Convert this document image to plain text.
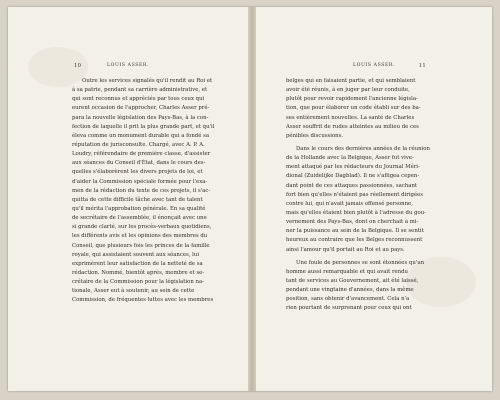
10	LOUIS ASSER.
Outre les services signalés qu'il rendit au Roi et
à sa patrie, pendant sa carrière administrative, et
qui sont reconnus et appréciés par tous ceux qui
eurent occasion de l'approcher, Charles Asser pré-
para la nouvelle législation des Pays-Bas, à la con-
fection de laquelle il prit la plus grande part, et qu'il
éleva comme un monument durable qui a fondé sa
réputation de jurisconsulte. Chargé, avec A. P. A.
Loudry, référendaire de première classe, d'assister
aux séances du Conseil d'État, dans le cours des-
quelles s'élaborèrent les divers projets de loi, et
d'aider la Commission spéciale formée pour l'exa-
men de la rédaction du texte de ces projets, il s'ac-
quitta de cette difficile tâche avec tant de talent
qu'il mérita l'approbation générale. En sa qualité
de secrétaire de l'assemblée, il énonçait avec une
si grande clarté, sur les procès-verbaux quotidiens,
les différents avis et les opinions des membres du
Conseil, que plusieurs fois les princes de la famille
royale, qui assistaient souvent aux séances, lui
exprimèrent leur satisfaction de la netteté de sa
rédaction. Nommé, bientôt après, membre et se-
crétaire de la Commission pour la législation na-
tionale, Asser eut à soutenir, au sein de cette
Commission, de fréquentes luttes avec les membres
LOUIS ASSER.	11
belges qui en faisaient partie, et qui semblaient
avoir été réunis, à en juger par leur conduite,
plutôt pour revoir rapidement l'ancienne législa-
tion, que pour élaborer un code établi sur des ba-
ses entièrement nouvelles. La santé de Charles
Asser souffrit de rudes atteintes au milieu de ces
pénibles discussions.
Dans le cours des dernières années de la réunion
de la Hollande avec la Belgique, Asser fut vive-
ment attaqué par les rédacteurs du Journal Méri-
dional (Zuidelijke Dagblad). Il ne s'afligea cepen-
dant point de ces attaques passionnées, sachant
fort bien qu'elles n'étaient pas réellement dirigées
contre lui, qui n'avait jamais offensé personne,
mais qu'elles étaient bien plutôt à l'adresse du gou-
vernement des Pays-Bas, dont on cherchait à mi-
ner la puissance au sein de la Belgique. Il se sentit
heureux au contraire que les Belges reconnussent
ainsi l'amour qu'il portait au Roi et au pays.
Une foule de personnes se sont étonnées qu'un
homme aussi remarquable et qui avait rendu
tant de services au Gouvernement, ait été laissé,
pendant une vingtaine d'années, dans la même
position, sans obtenir d'avancement. Cela n'a
rien pourtant de surprenant pour ceux qui ont
